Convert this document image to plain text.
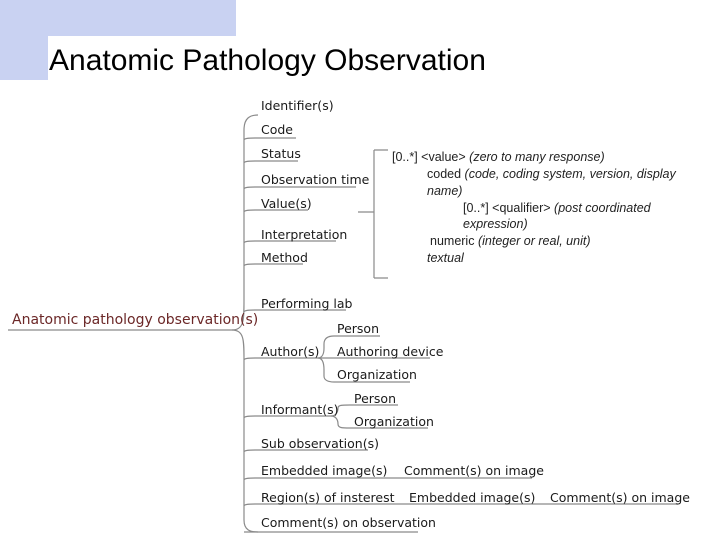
Anatomic Pathology Observation
Anatomic pathology observation(s)
Identifier(s)
Code
Status
Observation time
Value(s)
Interpretation
Method
Performing lab
Author(s)
Informant(s)
Sub observation(s)
Embedded image(s)
Region(s) of insterest
Comment(s) on observation
Person
Authoring device
Organization
Person
Organization
Comment(s) on image
Embedded image(s) Comment(s) on image
[0..*] <value> (zero to many response)
coded (code, coding system, version, display
name)
[0..*] <qualifier> (post coordinated
expression)
numeric (integer or real, unit)
textual
